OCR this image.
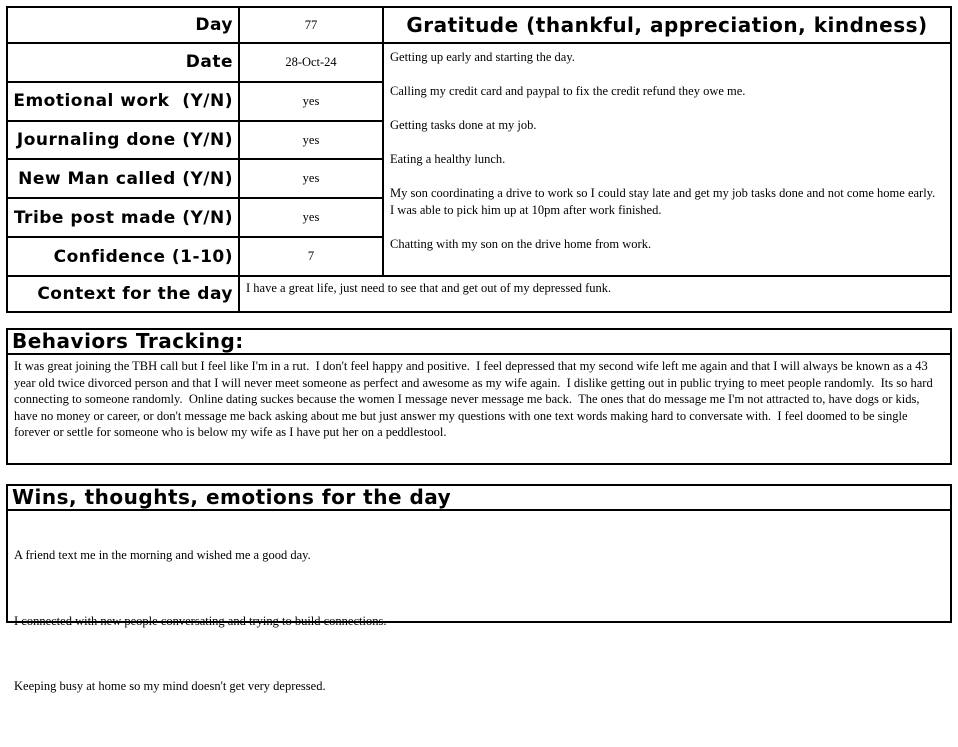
Day	77	Gratitude (thankful, appreciation, kindness)
Date	28-Oct-24	Getting up early and starting the day.

Calling my credit card and paypal to fix the credit refund they owe me.

Getting tasks done at my job.

Eating a healthy lunch.

My son coordinating a drive to work so I could stay late and get my job tasks done and not come home early.  I was able to pick him up at 10pm after work finished.

Chatting with my son on the drive home from work.

Emotional work  (Y/N)	yes	
Journaling done (Y/N)	yes	
New Man called (Y/N)	yes	
Tribe post made (Y/N)	yes	
Confidence (1-10)	7	
Context for the day	I have a great life, just need to see that and get out of my depressed funk.	
Behaviors Tracking:
It was great joining the TBH call but I feel like I'm in a rut.  I don't feel happy and positive.  I feel depressed that my second wife left me again and that I will always be known as a 43 year old twice divorced person and that I will never meet someone as perfect and awesome as my wife again.  I dislike getting out in public trying to meet people randomly.  Its so hard connecting to someone randomly.  Online dating suckes because the women I message never message me back.  The ones that do message me I'm not attracted to, have dogs or kids, have no money or career, or don't message me back asking about me but just answer my questions with one text words making hard to conversate with.  I feel doomed to be single forever or settle for someone who is below my wife as I have put her on a peddlestool.
Wins, thoughts, emotions for the day

A friend text me in the morning and wished me a good day.

I connected with new people conversating and trying to build connections.

Keeping busy at home so my mind doesn't get very depressed.
